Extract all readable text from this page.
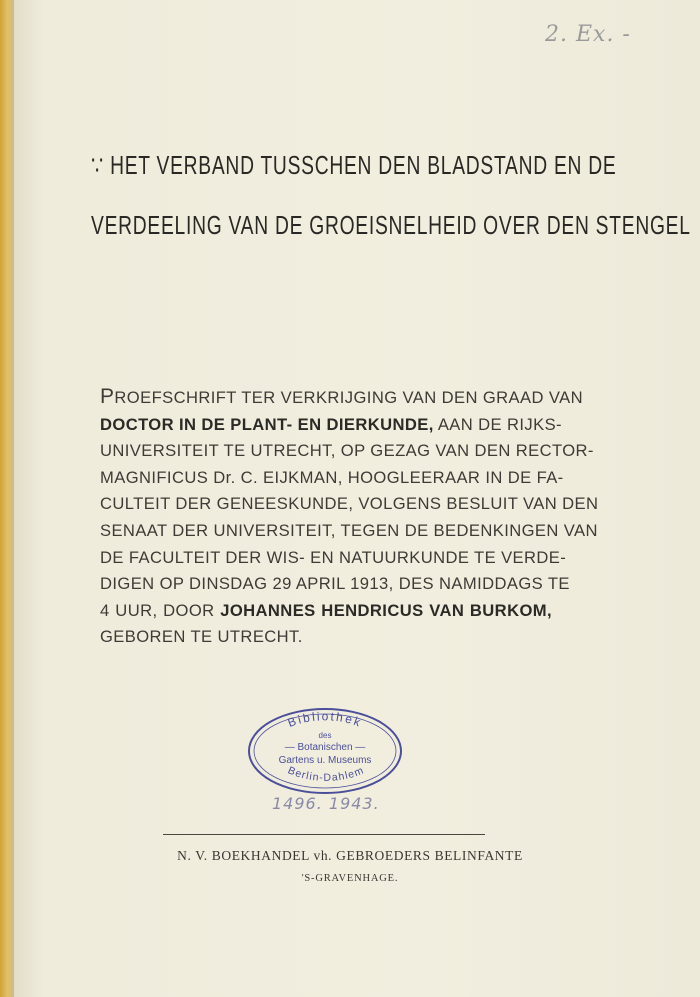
2. Ex. -
∵ HET VERBAND TUSSCHEN DEN BLADSTAND EN DE
VERDEELING VAN DE GROEISNELHEID OVER DEN STENGEL
PROEFSCHRIFT TER VERKRIJGING VAN DEN GRAAD VAN
DOCTOR IN DE PLANT- EN DIERKUNDE, AAN DE RIJKS-
UNIVERSITEIT TE UTRECHT, OP GEZAG VAN DEN RECTOR-
MAGNIFICUS Dr. C. EIJKMAN, HOOGLEERAAR IN DE FA-
CULTEIT DER GENEESKUNDE, VOLGENS BESLUIT VAN DEN
SENAAT DER UNIVERSITEIT, TEGEN DE BEDENKINGEN VAN
DE FACULTEIT DER WIS- EN NATUURKUNDE TE VERDE-
DIGEN OP DINSDAG 29 APRIL 1913, DES NAMIDDAGS TE
4 UUR, DOOR JOHANNES HENDRICUS VAN BURKOM,
GEBOREN TE UTRECHT.
Bibliothek
des
— Botanischen —
Gartens u. Museums
Berlin-Dahlem
1496. 1943.
N. V. BOEKHANDEL vh. GEBROEDERS BELINFANTE
'S-GRAVENHAGE.
